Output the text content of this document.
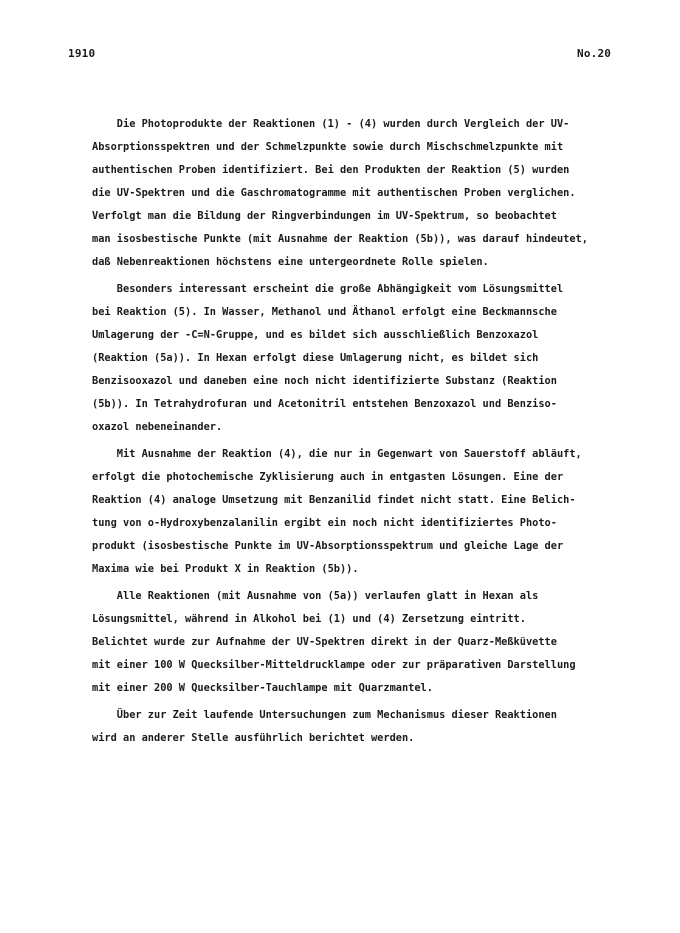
1910	No.20
Die Photoprodukte der Reaktionen (1) - (4) wurden durch Vergleich der UV-
Absorptionsspektren und der Schmelzpunkte sowie durch Mischschmelzpunkte mit
authentischen Proben identifiziert. Bei den Produkten der Reaktion (5) wurden
die UV-Spektren und die Gaschromatogramme mit authentischen Proben verglichen.
Verfolgt man die Bildung der Ringverbindungen im UV-Spektrum, so beobachtet
man isosbestische Punkte (mit Ausnahme der Reaktion (5b)), was darauf hindeutet,
daß Nebenreaktionen höchstens eine untergeordnete Rolle spielen.
Besonders interessant erscheint die große Abhängigkeit vom Lösungsmittel
bei Reaktion (5). In Wasser, Methanol und Äthanol erfolgt eine Beckmannsche
Umlagerung der -C=N-Gruppe, und es bildet sich ausschließlich Benzoxazol
(Reaktion (5a)). In Hexan erfolgt diese Umlagerung nicht, es bildet sich
Benzisooxazol und daneben eine noch nicht identifizierte Substanz (Reaktion
(5b)). In Tetrahydrofuran und Acetonitril entstehen Benzoxazol und Benziso-
oxazol nebeneinander.
Mit Ausnahme der Reaktion (4), die nur in Gegenwart von Sauerstoff abläuft,
erfolgt die photochemische Zyklisierung auch in entgasten Lösungen. Eine der
Reaktion (4) analoge Umsetzung mit Benzanilid findet nicht statt. Eine Belich-
tung von o-Hydroxybenzalanilin ergibt ein noch nicht identifiziertes Photo-
produkt (isosbestische Punkte im UV-Absorptionsspektrum und gleiche Lage der
Maxima wie bei Produkt X in Reaktion (5b)).
Alle Reaktionen (mit Ausnahme von (5a)) verlaufen glatt in Hexan als
Lösungsmittel, während in Alkohol bei (1) und (4) Zersetzung eintritt.
Belichtet wurde zur Aufnahme der UV-Spektren direkt in der Quarz-Meßküvette
mit einer 100 W Quecksilber-Mitteldrucklampe oder zur präparativen Darstellung
mit einer 200 W Quecksilber-Tauchlampe mit Quarzmantel.
Über zur Zeit laufende Untersuchungen zum Mechanismus dieser Reaktionen
wird an anderer Stelle ausführlich berichtet werden.
